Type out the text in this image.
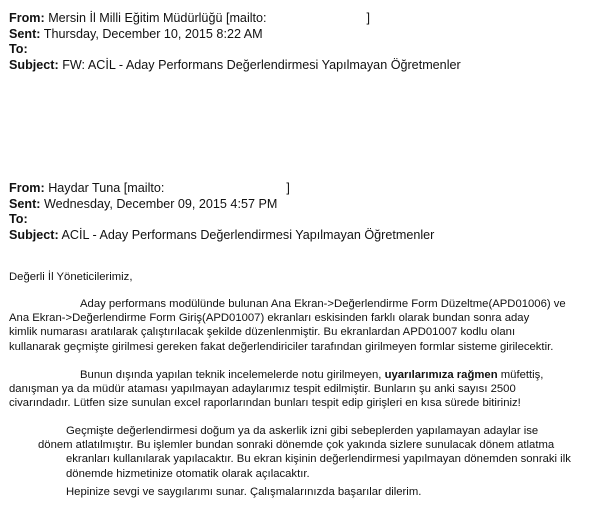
From: Mersin İl Milli Eğitim Müdürlüğü [mailto:	]
Sent: Thursday, December 10, 2015 8:22 AM
To:
Subject: FW: ACİL - Aday Performans Değerlendirmesi Yapılmayan Öğretmenler
From: Haydar Tuna [mailto:	]
Sent: Wednesday, December 09, 2015 4:57 PM
To:
Subject: ACİL - Aday Performans Değerlendirmesi Yapılmayan Öğretmenler

Değerli İl Yöneticilerimiz,

Aday performans modülünde bulunan Ana Ekran->Değerlendirme Form Düzeltme(APD01006) ve

Ana Ekran->Değerlendirme Form Giriş(APD01007) ekranları eskisinden farklı olarak bundan sonra aday

kimlik numarası aratılarak çalıştırılacak şekilde düzenlenmiştir. Bu ekranlardan APD01007 kodlu olanı

kullanarak geçmişte girilmesi gereken fakat değerlendiriciler tarafından girilmeyen formlar sisteme girilecektir.

Bunun dışında yapılan teknik incelemelerde notu girilmeyen, uyarılarımıza rağmen müfettiş,

danışman ya da müdür ataması yapılmayan adaylarımız tespit edilmiştir. Bunların şu anki sayısı 2500

civarındadır. Lütfen size sunulan excel raporlarından bunları tespit edip girişleri en kısa sürede bitiriniz!

Geçmişte değerlendirmesi doğum ya da askerlik izni gibi sebeplerden yapılamayan adaylar ise

dönem atlatılmıştır. Bu işlemler bundan sonraki dönemde çok yakında sizlere sunulacak dönem atlatma

ekranları kullanılarak yapılacaktır. Bu ekran kişinin değerlendirmesi yapılmayan dönemden sonraki ilk

dönemde hizmetinize otomatik olarak açılacaktır.

Hepinize sevgi ve saygılarımı sunar. Çalışmalarınızda başarılar dilerim.
